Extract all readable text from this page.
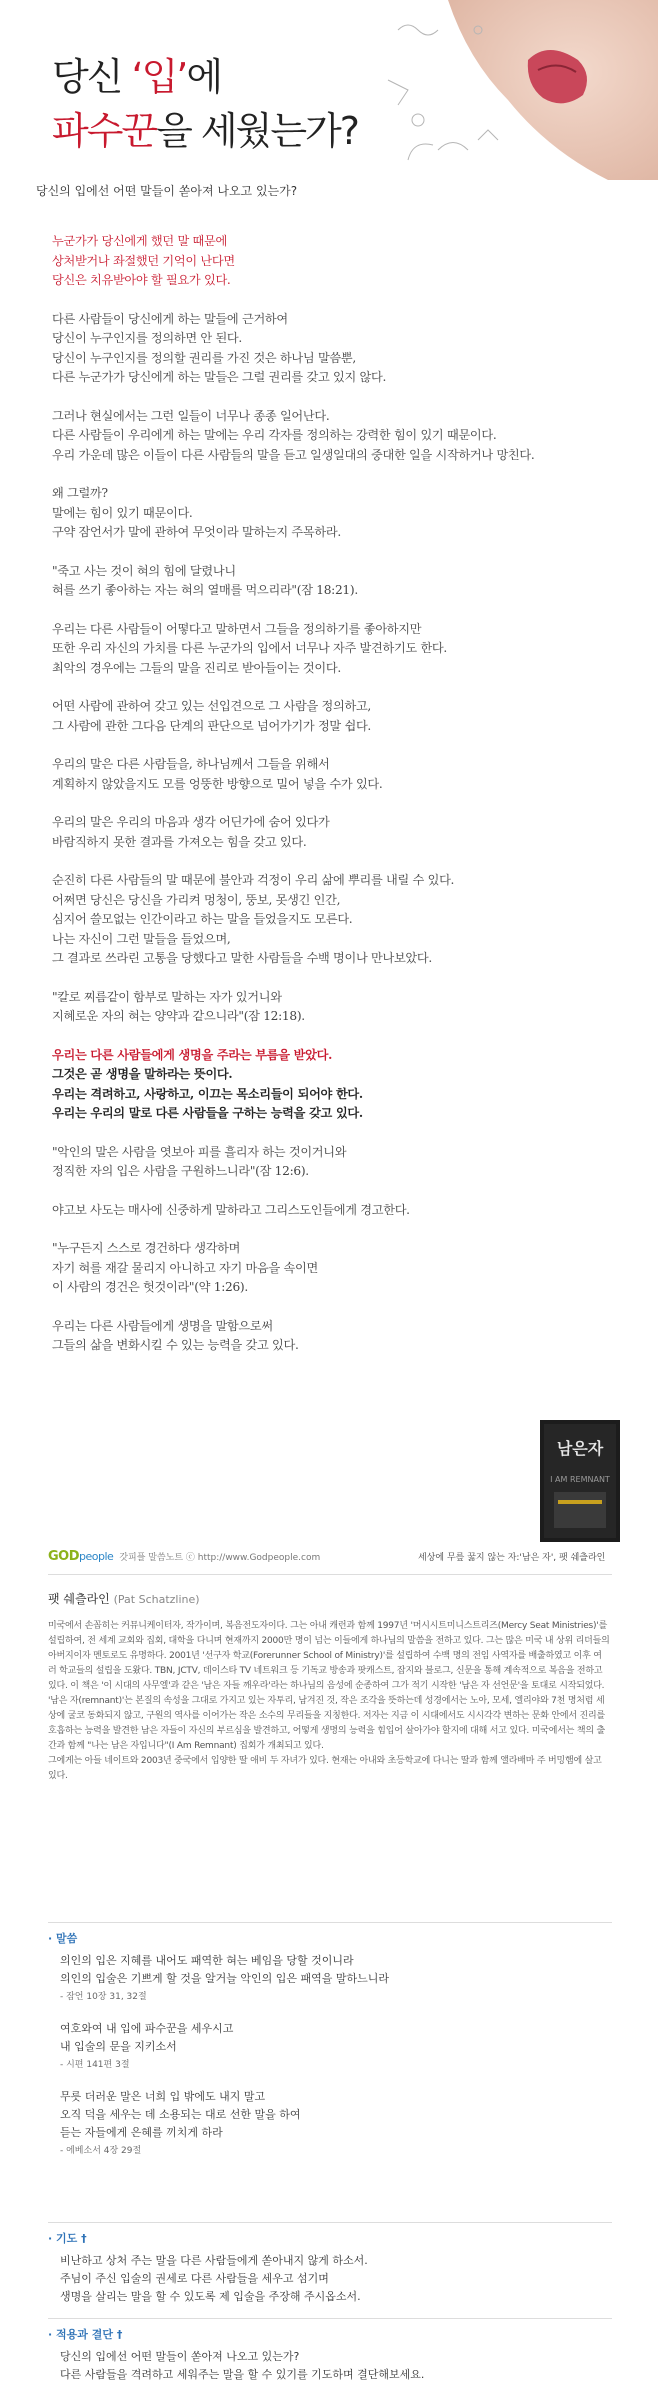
당신 ‘입’에
파수꾼을 세웠는가?
당신의 입에선 어떤 말들이 쏟아져 나오고 있는가?
누군가가 당신에게 했던 말 때문에
상처받거나 좌절했던 기억이 난다면
당신은 치유받아야 할 필요가 있다.
다른 사람들이 당신에게 하는 말들에 근거하여
당신이 누구인지를 정의하면 안 된다.
당신이 누구인지를 정의할 권리를 가진 것은 하나님 말씀뿐,
다른 누군가가 당신에게 하는 말들은 그럴 권리를 갖고 있지 않다.
그러나 현실에서는 그런 일들이 너무나 종종 일어난다.
다른 사람들이 우리에게 하는 말에는 우리 각자를 정의하는 강력한 힘이 있기 때문이다.
우리 가운데 많은 이들이 다른 사람들의 말을 듣고 일생일대의 중대한 일을 시작하거나 망친다.
왜 그럴까?
말에는 힘이 있기 때문이다.
구약 잠언서가 말에 관하여 무엇이라 말하는지 주목하라.
"죽고 사는 것이 혀의 힘에 달렸나니
혀를 쓰기 좋아하는 자는 혀의 열매를 먹으리라"(잠 18:21).
우리는 다른 사람들이 어떻다고 말하면서 그들을 정의하기를 좋아하지만
또한 우리 자신의 가치를 다른 누군가의 입에서 너무나 자주 발견하기도 한다.
최악의 경우에는 그들의 말을 진리로 받아들이는 것이다.
어떤 사람에 관하여 갖고 있는 선입견으로 그 사람을 정의하고,
그 사람에 관한 그다음 단계의 판단으로 넘어가기가 정말 쉽다.
우리의 말은 다른 사람들을, 하나님께서 그들을 위해서
계획하지 않았을지도 모를 엉뚱한 방향으로 밀어 넣을 수가 있다.
우리의 말은 우리의 마음과 생각 어딘가에 숨어 있다가
바람직하지 못한 결과를 가져오는 힘을 갖고 있다.
순진히 다른 사람들의 말 때문에 불안과 걱정이 우리 삶에 뿌리를 내릴 수 있다.
어쩌면 당신은 당신을 가리켜 멍청이, 뚱보, 못생긴 인간,
심지어 쓸모없는 인간이라고 하는 말을 들었을지도 모른다.
나는 자신이 그런 말들을 들었으며,
그 결과로 쓰라린 고통을 당했다고 말한 사람들을 수백 명이나 만나보았다.
"칼로 찌름같이 함부로 말하는 자가 있거니와
지혜로운 자의 혀는 양약과 같으니라"(잠 12:18).
우리는 다른 사람들에게 생명을 주라는 부름을 받았다.
그것은 곧 생명을 말하라는 뜻이다.
우리는 격려하고, 사랑하고, 이끄는 목소리들이 되어야 한다.
우리는 우리의 말로 다른 사람들을 구하는 능력을 갖고 있다.
"악인의 말은 사람을 엿보아 피를 흘리자 하는 것이거니와
정직한 자의 입은 사람을 구원하느니라"(잠 12:6).
야고보 사도는 매사에 신중하게 말하라고 그리스도인들에게 경고한다.
"누구든지 스스로 경건하다 생각하며
자기 혀를 재갈 물리지 아니하고 자기 마음을 속이면
이 사람의 경건은 헛것이라"(약 1:26).
우리는 다른 사람들에게 생명을 말함으로써
그들의 삶을 변화시킬 수 있는 능력을 갖고 있다.
남은자
I AM REMNANT
세상에 무릎 꿇지 않는 자:'남은 자', 팻 쉐츨라인
GODpeople 갓피플 말씀노트 ⓒ http://www.Godpeople.com
팻 쉐츨라인 (Pat Schatzline)
미국에서 손꼽히는 커뮤니케이터자, 작가이며, 복음전도자이다. 그는 아내 캐런과 함께 1997년 '머시시트미니스트리즈(Mercy Seat Ministries)'를 설립하여, 전 세계 교회와 집회, 대학을 다니며 현재까지 2000만 명이 넘는 이들에게 하나님의 말씀을 전하고 있다. 그는 많은 미국 내 상위 리더들의 아버지이자 멘토로도 유명하다. 2001년 '선구자 학교(Forerunner School of Ministry)'를 설립하여 수백 명의 전임 사역자를 배출하였고 이후 여러 학교들의 설립을 도왔다. TBN, JCTV, 데이스타 TV 네트워크 등 기독교 방송과 팟캐스트, 잡지와 블로그, 신문을 통해 계속적으로 복음을 전하고 있다. 이 책은 '이 시대의 사무엘'과 같은 '남은 자들 깨우라'라는 하나님의 음성에 순종하여 그가 적기 시작한 '남은 자 선언문'을 토대로 시작되었다. '남은 자(remnant)'는 본질의 속성을 그대로 가지고 있는 자투리, 남겨진 것, 작은 조각을 뜻하는데 성경에서는 노아, 모세, 엘리야와 7천 명처럼 세상에 굴코 동화되지 않고, 구원의 역사를 이어가는 작은 소수의 무리들을 지칭한다. 저자는 지금 이 시대에서도 시시각각 변하는 문화 안에서 진리를 호흡하는 능력을 발견한 남은 자들이 자신의 부르심을 발견하고, 어떻게 생명의 능력을 힘입어 살아가야 할지에 대해 서고 있다. 미국에서는 책의 출간과 함께 "나는 남은 자입니다"(I Am Remnant) 집회가 개최되고 있다.
그에게는 아들 네이트와 2003년 중국에서 입양한 딸 애비 두 자녀가 있다. 현재는 아내와 초등학교에 다니는 딸과 함께 앨라배마 주 버밍햄에 살고 있다.
· 말씀
의인의 입은 지혜를 내어도 패역한 혀는 베임을 당할 것이니라
의인의 입술은 기쁘게 할 것을 알거늘 악인의 입은 패역을 말하느니라
- 잠언 10장 31, 32절
여호와여 내 입에 파수꾼을 세우시고
내 입술의 문을 지키소서
- 시편 141편 3절
무릇 더러운 말은 너희 입 밖에도 내지 말고
오직 덕을 세우는 데 소용되는 대로 선한 말을 하여
듣는 자들에게 은혜를 끼치게 하라
- 에베소서 4장 29절
· 기도 †
비난하고 상처 주는 말을 다른 사람들에게 쏟아내지 않게 하소서.
주님이 주신 입술의 권세로 다른 사람들을 세우고 섬기며
생명을 살리는 말을 할 수 있도록 제 입술을 주장해 주시옵소서.
· 적용과 결단 †
당신의 입에선 어떤 말들이 쏟아져 나오고 있는가?
다른 사람들을 격려하고 세워주는 말을 할 수 있기를 기도하며 결단해보세요.
